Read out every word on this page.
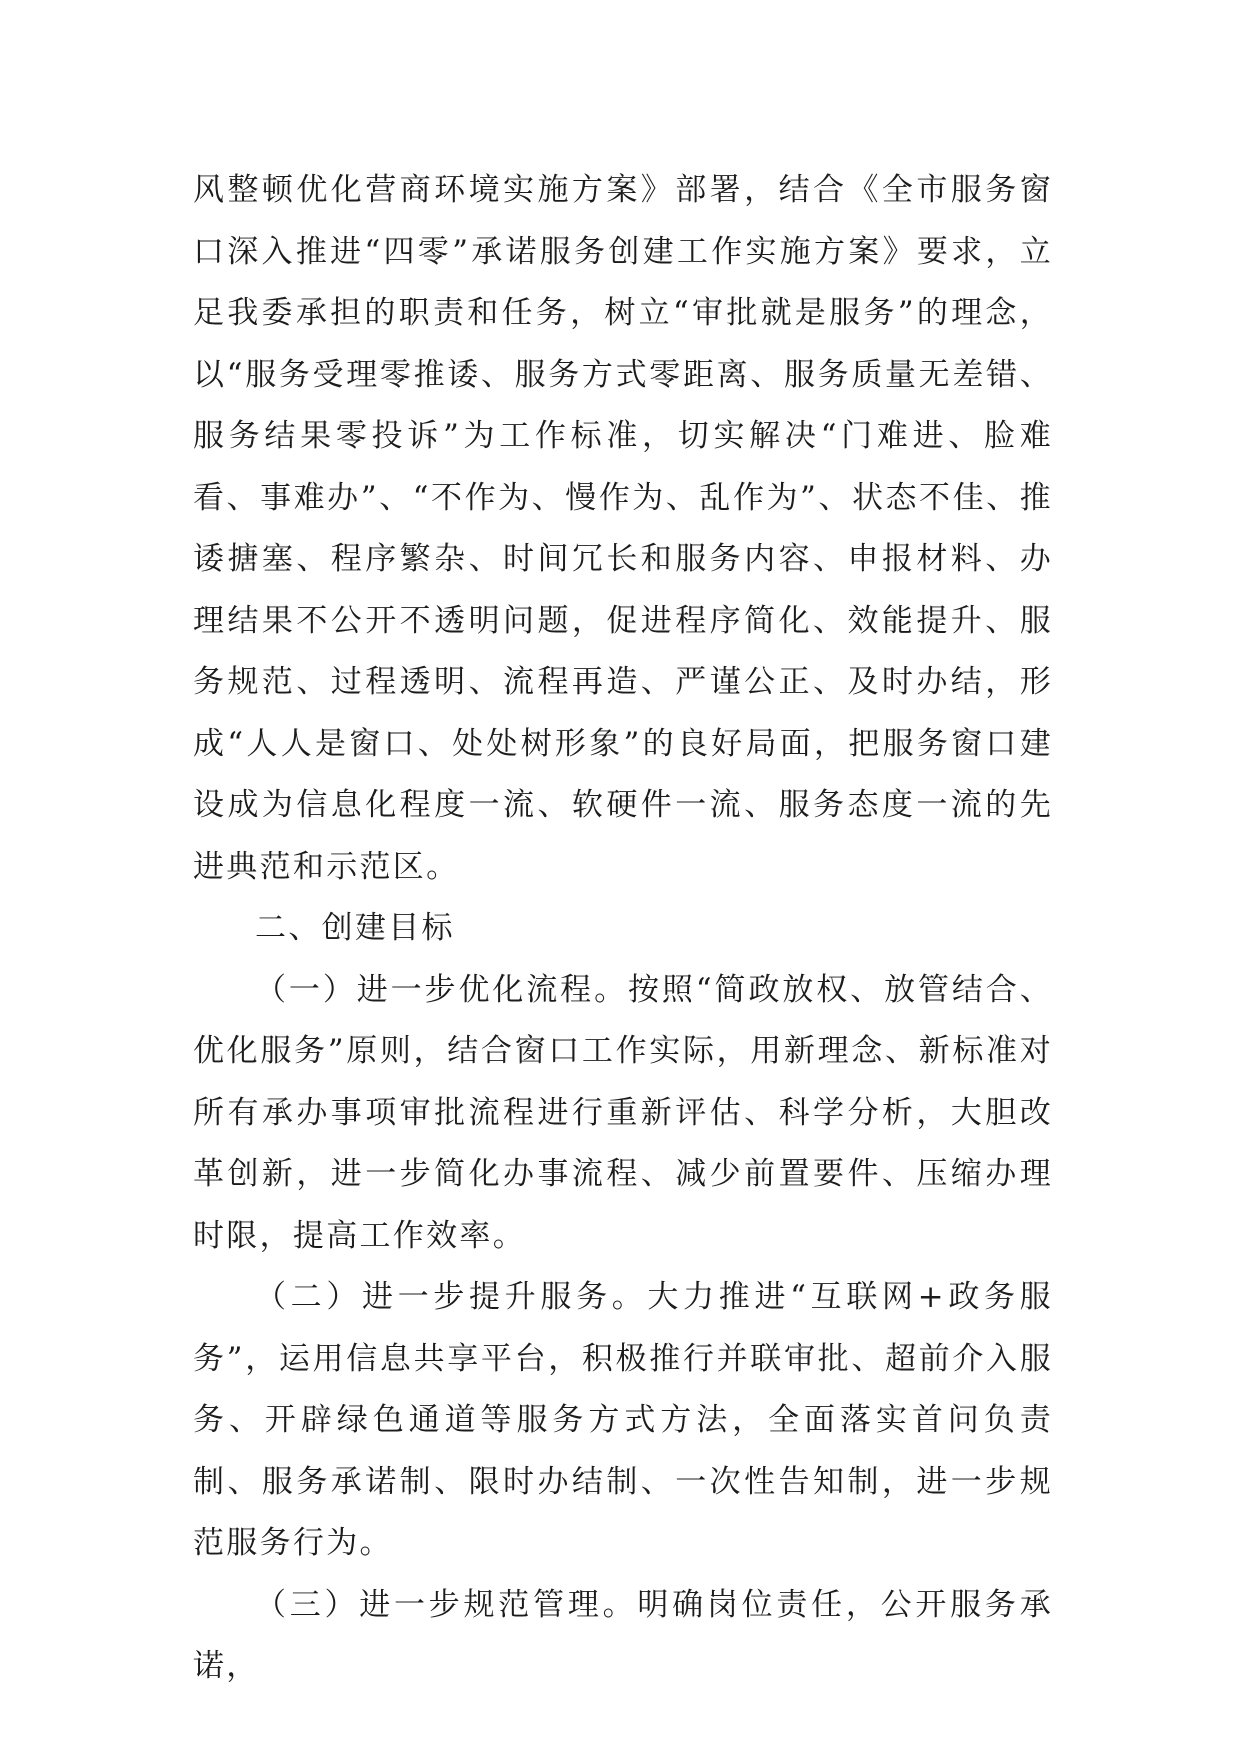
风整顿优化营商环境实施方案》部署，结合《全市服务窗口深入推进“四零”承诺服务创建工作实施方案》要求，立足我委承担的职责和任务，树立“审批就是服务”的理念，以“服务受理零推诿、服务方式零距离、服务质量无差错、服务结果零投诉”为工作标准，切实解决“门难进、脸难看、事难办”、“不作为、慢作为、乱作为”、状态不佳、推诿搪塞、程序繁杂、时间冗长和服务内容、申报材料、办理结果不公开不透明问题，促进程序简化、效能提升、服务规范、过程透明、流程再造、严谨公正、及时办结，形成“人人是窗口、处处树形象”的良好局面，把服务窗口建设成为信息化程度一流、软硬件一流、服务态度一流的先进典范和示范区。

二、创建目标

（一）进一步优化流程。按照“简政放权、放管结合、优化服务”原则，结合窗口工作实际，用新理念、新标准对所有承办事项审批流程进行重新评估、科学分析，大胆改革创新，进一步简化办事流程、减少前置要件、压缩办理时限，提高工作效率。

（二）进一步提升服务。大力推进“互联网+政务服务”，运用信息共享平台，积极推行并联审批、超前介入服务、开辟绿色通道等服务方式方法，全面落实首问负责制、服务承诺制、限时办结制、一次性告知制，进一步规范服务行为。

（三）进一步规范管理。明确岗位责任，公开服务承诺，
